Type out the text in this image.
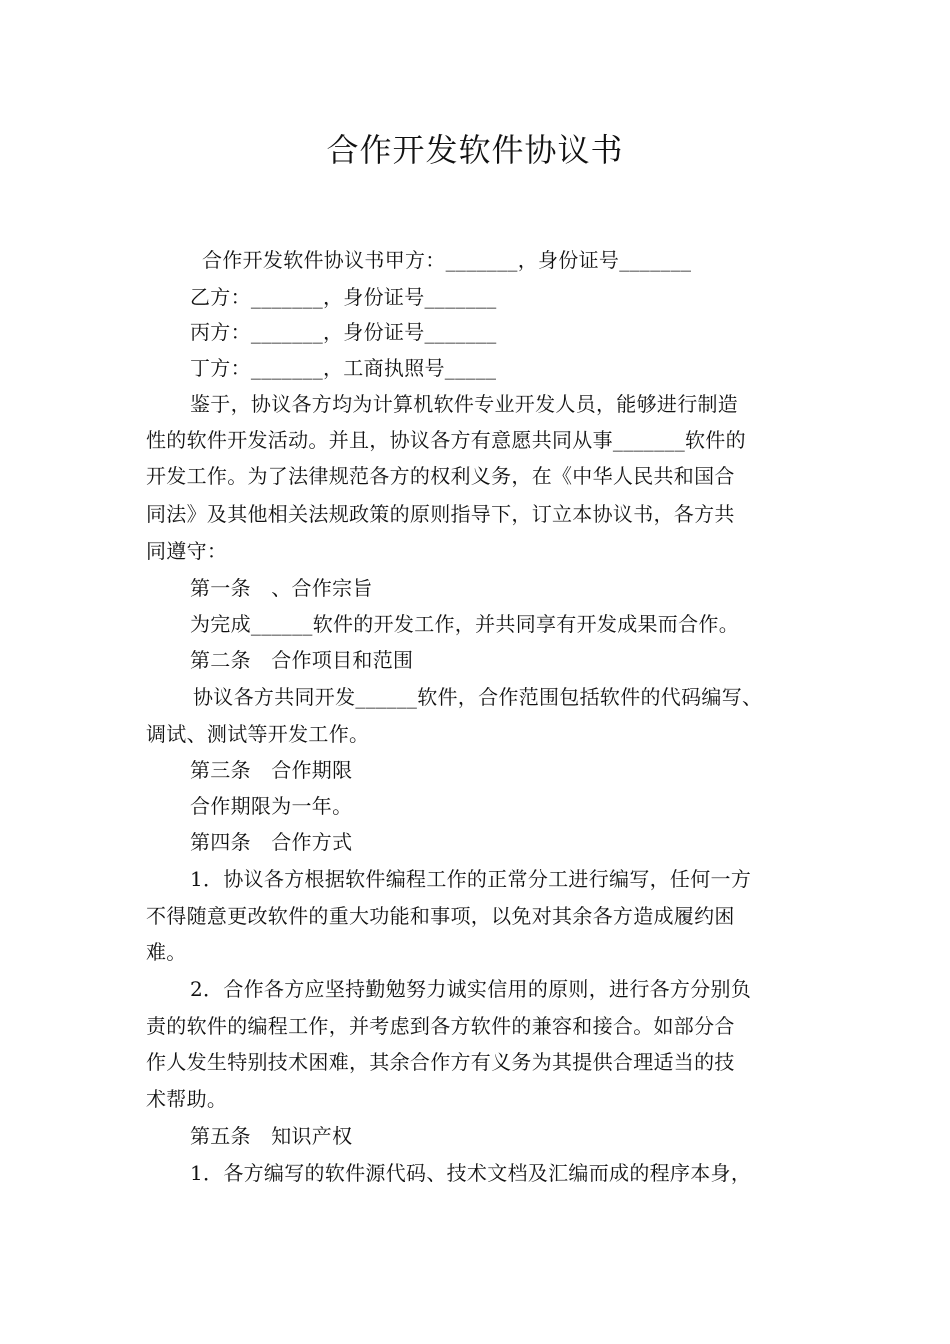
合作开发软件协议书
合作开发软件协议书甲方：_______，身份证号_______
乙方：_______，身份证号_______
丙方：_______，身份证号_______
丁方：_______，工商执照号_____
鉴于，协议各方均为计算机软件专业开发人员，能够进行制造
性的软件开发活动。并且，协议各方有意愿共同从事_______软件的
开发工作。为了法律规范各方的权利义务，在《中华人民共和国合
同法》及其他相关法规政策的原则指导下，订立本协议书，各方共
同遵守：
第一条　、合作宗旨
为完成______软件的开发工作，并共同享有开发成果而合作。
第二条　合作项目和范围
协议各方共同开发______软件，合作范围包括软件的代码编写、
调试、测试等开发工作。
第三条　合作期限
合作期限为一年。
第四条　合作方式
1．协议各方根据软件编程工作的正常分工进行编写，任何一方
不得随意更改软件的重大功能和事项，以免对其余各方造成履约困
难。
2．合作各方应坚持勤勉努力诚实信用的原则，进行各方分别负
责的软件的编程工作，并考虑到各方软件的兼容和接合。如部分合
作人发生特别技术困难，其余合作方有义务为其提供合理适当的技
术帮助。
第五条　知识产权
1．各方编写的软件源代码、技术文档及汇编而成的程序本身，
